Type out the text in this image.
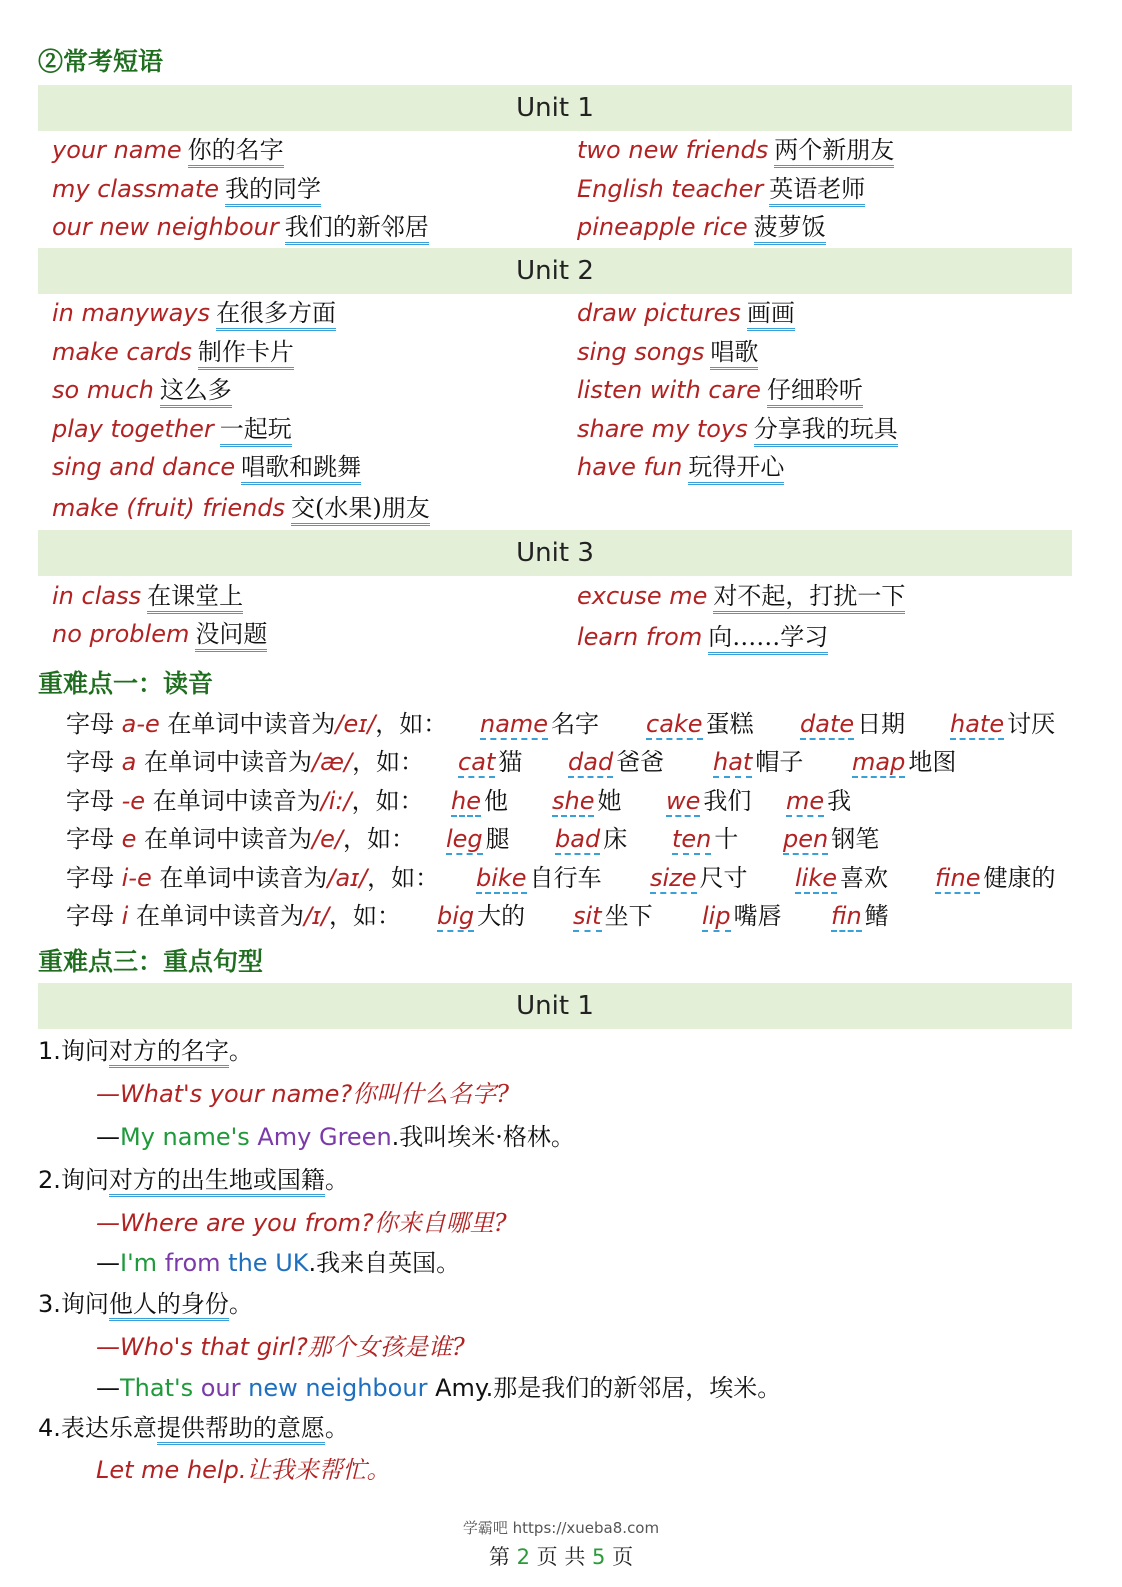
②常考短语
Unit 1
your name 你的名字
my classmate 我的同学
our new neighbour 我们的新邻居
two new friends 两个新朋友
English teacher 英语老师
pineapple rice 菠萝饭
Unit 2
in manyways 在很多方面
make cards 制作卡片
so much 这么多
play together 一起玩
sing and dance 唱歌和跳舞
make (fruit) friends 交(水果)朋友
draw pictures 画画
sing songs 唱歌
listen with care 仔细聆听
share my toys 分享我的玩具
have fun 玩得开心
Unit 3
in class 在课堂上
no problem 没问题
excuse me 对不起，打扰一下
learn from 向……学习
重难点一：读音
字母 a-e 在单词中读音为/eɪ/，如： name 名字 cake 蛋糕 date 日期 hate 讨厌
字母 a 在单词中读音为/æ/，如： cat 猫 dad 爸爸 hat 帽子 map 地图
字母 -e 在单词中读音为/i:/，如： he 他 she 她 we 我们 me 我
字母 e 在单词中读音为/e/，如： leg 腿 bad 床 ten 十 pen 钢笔
字母 i-e 在单词中读音为/aɪ/，如： bike 自行车 size 尺寸 like 喜欢 fine 健康的
字母 i 在单词中读音为/ɪ/，如： big 大的 sit 坐下 lip 嘴唇 fin 鳍
重难点三：重点句型
Unit 1
1.询问对方的名字。
—What's your name?你叫什么名字?
—My name's Amy Green.我叫埃米·格林。
2.询问对方的出生地或国籍。
—Where are you from?你来自哪里?
—I'm from the UK.我来自英国。
3.询问他人的身份。
—Who's that girl?那个女孩是谁?
—That's our new neighbour Amy.那是我们的新邻居，埃米。
4.表达乐意提供帮助的意愿。
Let me help.让我来帮忙。
学霸吧 https://xueba8.com
第 2 页 共 5 页
